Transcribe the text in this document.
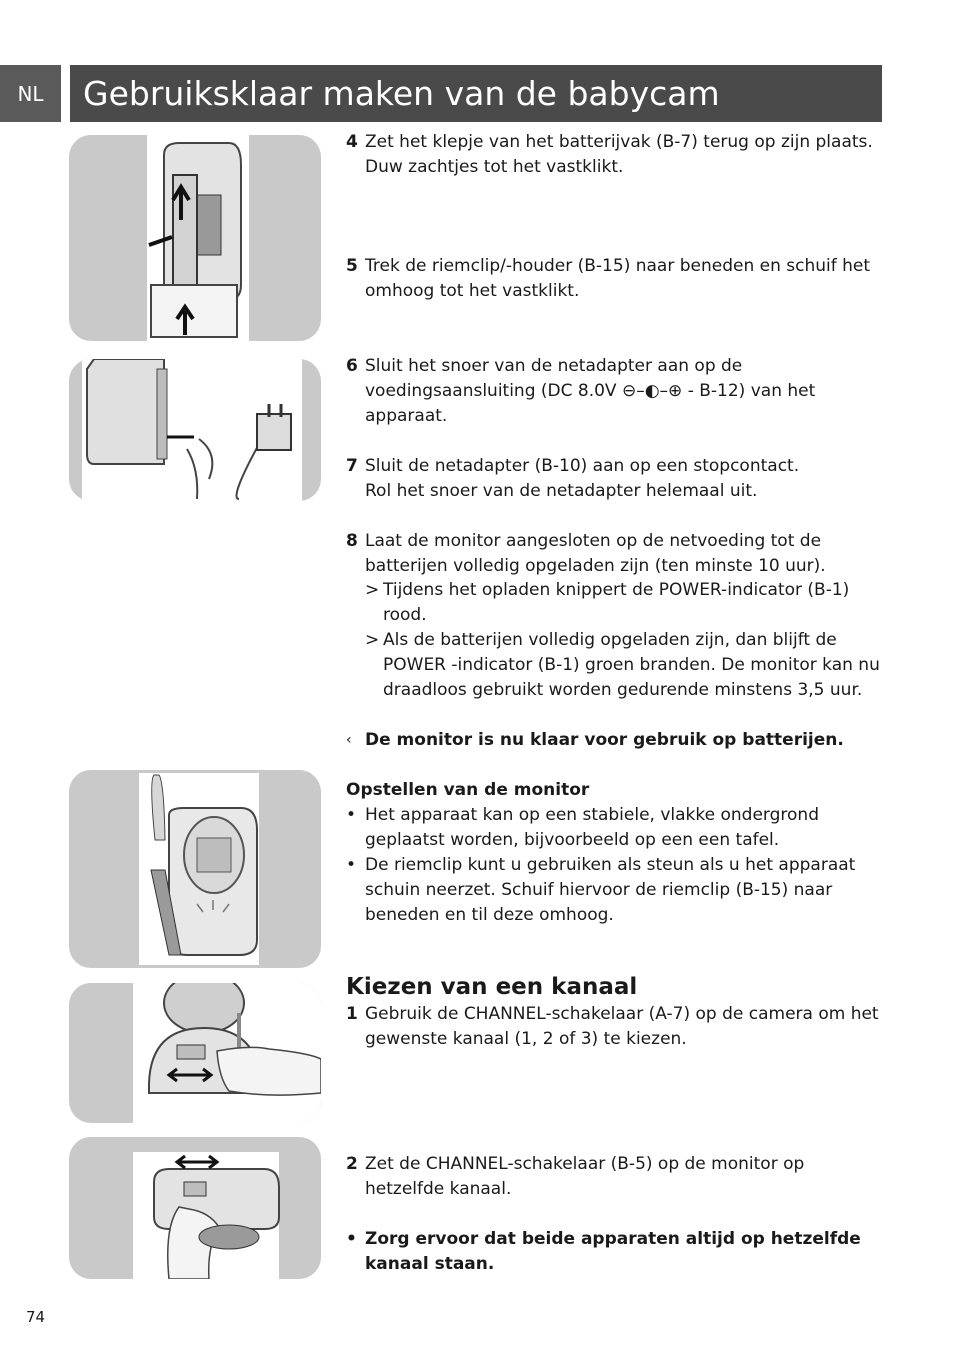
NL	Gebruiksklaar maken van de babycam
4 Zet het klepje van het batterijvak (B-7) terug op zijn plaats. Duw zachtjes tot het vastklikt.
5 Trek de riemclip/-houder (B-15) naar beneden en schuif het omhoog tot het vastklikt.
6 Sluit het snoer van de netadapter aan op de voedingsaansluiting (DC 8.0V ⊖–◐–⊕ - B-12) van het apparaat.
7 Sluit de netadapter (B-10) aan op een stopcontact.
Rol het snoer van de netadapter helemaal uit.
8 Laat de monitor aangesloten op de netvoeding tot de batterijen volledig opgeladen zijn (ten minste 10 uur).
> Tijdens het opladen knippert de POWER-indicator (B-1) rood.
> Als de batterijen volledig opgeladen zijn, dan blijft de POWER -indicator (B-1) groen branden. De monitor kan nu draadloos gebruikt worden gedurende minstens 3,5 uur.
‹ De monitor is nu klaar voor gebruik op batterijen.
Opstellen van de monitor
• Het apparaat kan op een stabiele, vlakke ondergrond geplaatst worden, bijvoorbeeld op een een tafel.
• De riemclip kunt u gebruiken als steun als u het apparaat schuin neerzet. Schuif hiervoor de riemclip (B-15) naar beneden en til deze omhoog.
Kiezen van een kanaal
1 Gebruik de CHANNEL-schakelaar (A-7) op de camera om het gewenste kanaal (1, 2 of 3) te kiezen.
2 Zet de CHANNEL-schakelaar (B-5) op de monitor op hetzelfde kanaal.
• Zorg ervoor dat beide apparaten altijd op hetzelfde kanaal staan.
74
